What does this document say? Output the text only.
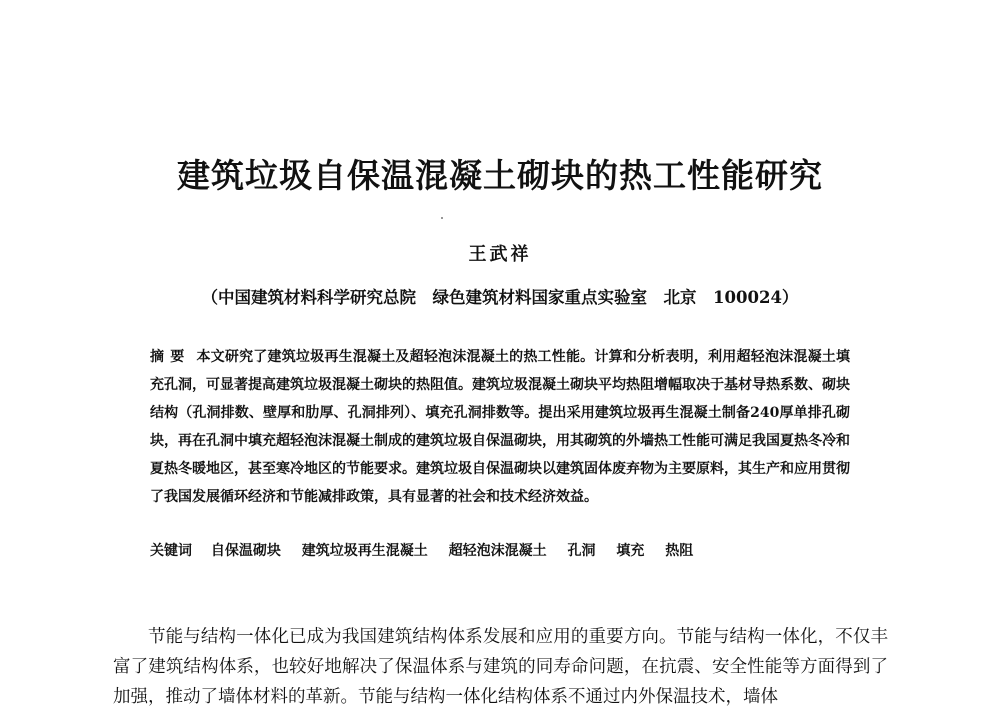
建筑垃圾自保温混凝土砌块的热工性能研究
王武祥
（中国建筑材料科学研究总院　绿色建筑材料国家重点实验室　北京　100024）
摘要 本文研究了建筑垃圾再生混凝土及超轻泡沫混凝土的热工性能。计算和分析表明，利用超轻泡沫混凝土填充孔洞，可显著提高建筑垃圾混凝土砌块的热阻值。建筑垃圾混凝土砌块平均热阻增幅取决于基材导热系数、砌块结构（孔洞排数、壁厚和肋厚、孔洞排列）、填充孔洞排数等。提出采用建筑垃圾再生混凝土制备240厚单排孔砌块，再在孔洞中填充超轻泡沫混凝土制成的建筑垃圾自保温砌块，用其砌筑的外墙热工性能可满足我国夏热冬冷和夏热冬暖地区，甚至寒冷地区的节能要求。建筑垃圾自保温砌块以建筑固体废弃物为主要原料，其生产和应用贯彻了我国发展循环经济和节能减排政策，具有显著的社会和技术经济效益。
关键词 自保温砌块 建筑垃圾再生混凝土 超轻泡沫混凝土 孔洞 填充 热阻
节能与结构一体化已成为我国建筑结构体系发展和应用的重要方向。节能与结构一体化，不仅丰富了建筑结构体系，也较好地解决了保温体系与建筑的同寿命问题，在抗震、安全性能等方面得到了加强，推动了墙体材料的革新。节能与结构一体化结构体系不通过内外保温技术，墙体
